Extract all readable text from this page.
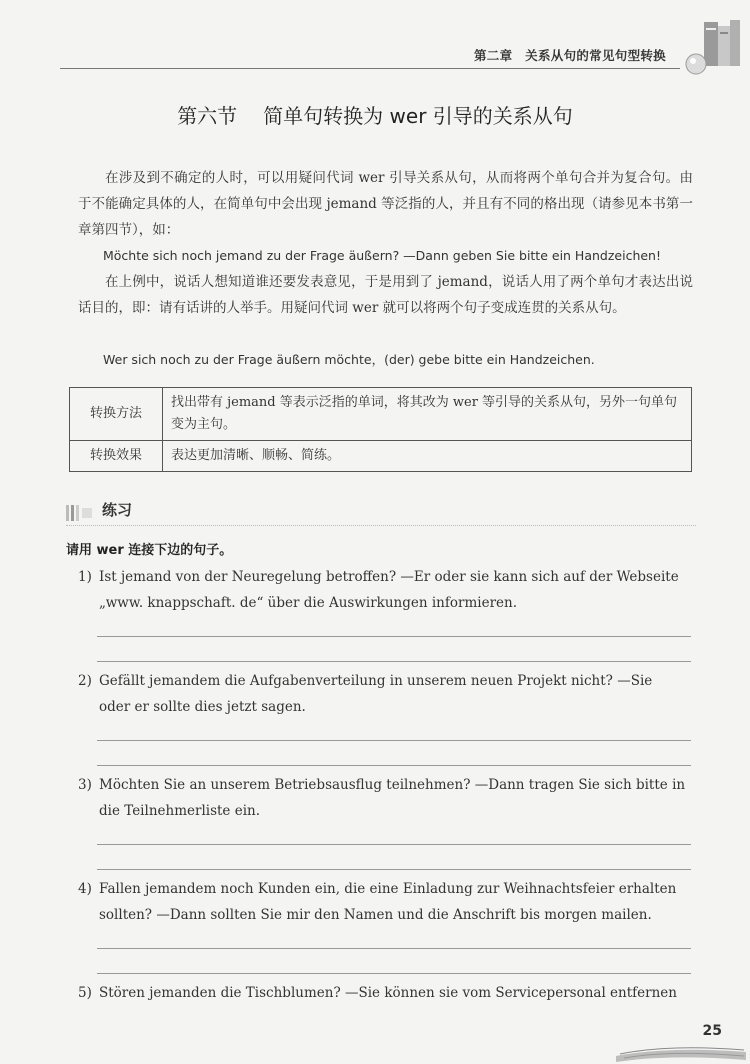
第二章　关系从句的常见句型转换
第六节 简单句转换为 wer 引导的关系从句

在涉及到不确定的人时，可以用疑问代词 wer 引导关系从句，从而将两个单句合并为复合句。由于不能确定具体的人，在简单句中会出现 jemand 等泛指的人，并且有不同的格出现（请参见本书第一章第四节），如：

Möchte sich noch jemand zu der Frage äußern? —Dann geben Sie bitte ein Handzeichen!

在上例中，说话人想知道谁还要发表意见，于是用到了 jemand，说话人用了两个单句才表达出说话目的，即：请有话讲的人举手。用疑问代词 wer 就可以将两个句子变成连贯的关系从句。

Wer sich noch zu der Frage äußern möchte，(der) gebe bitte ein Handzeichen.

转换方法	找出带有 jemand 等表示泛指的单词，将其改为 wer 等引导的关系从句，另外一句单句变为主句。
转换效果	表达更加清晰、顺畅、简练。
练习
请用 wer 连接下边的句子。
1) Ist jemand von der Neuregelung betroffen? —Er oder sie kann sich auf der Webseite
„www. knappschaft. de“ über die Auswirkungen informieren.
2) Gefällt jemandem die Aufgabenverteilung in unserem neuen Projekt nicht? —Sie
oder er sollte dies jetzt sagen.
3) Möchten Sie an unserem Betriebsausflug teilnehmen? —Dann tragen Sie sich bitte in
die Teilnehmerliste ein.
4) Fallen jemandem noch Kunden ein, die eine Einladung zur Weihnachtsfeier erhalten
sollten? —Dann sollten Sie mir den Namen und die Anschrift bis morgen mailen.
5) Stören jemanden die Tischblumen? —Sie können sie vom Servicepersonal entfernen
25
